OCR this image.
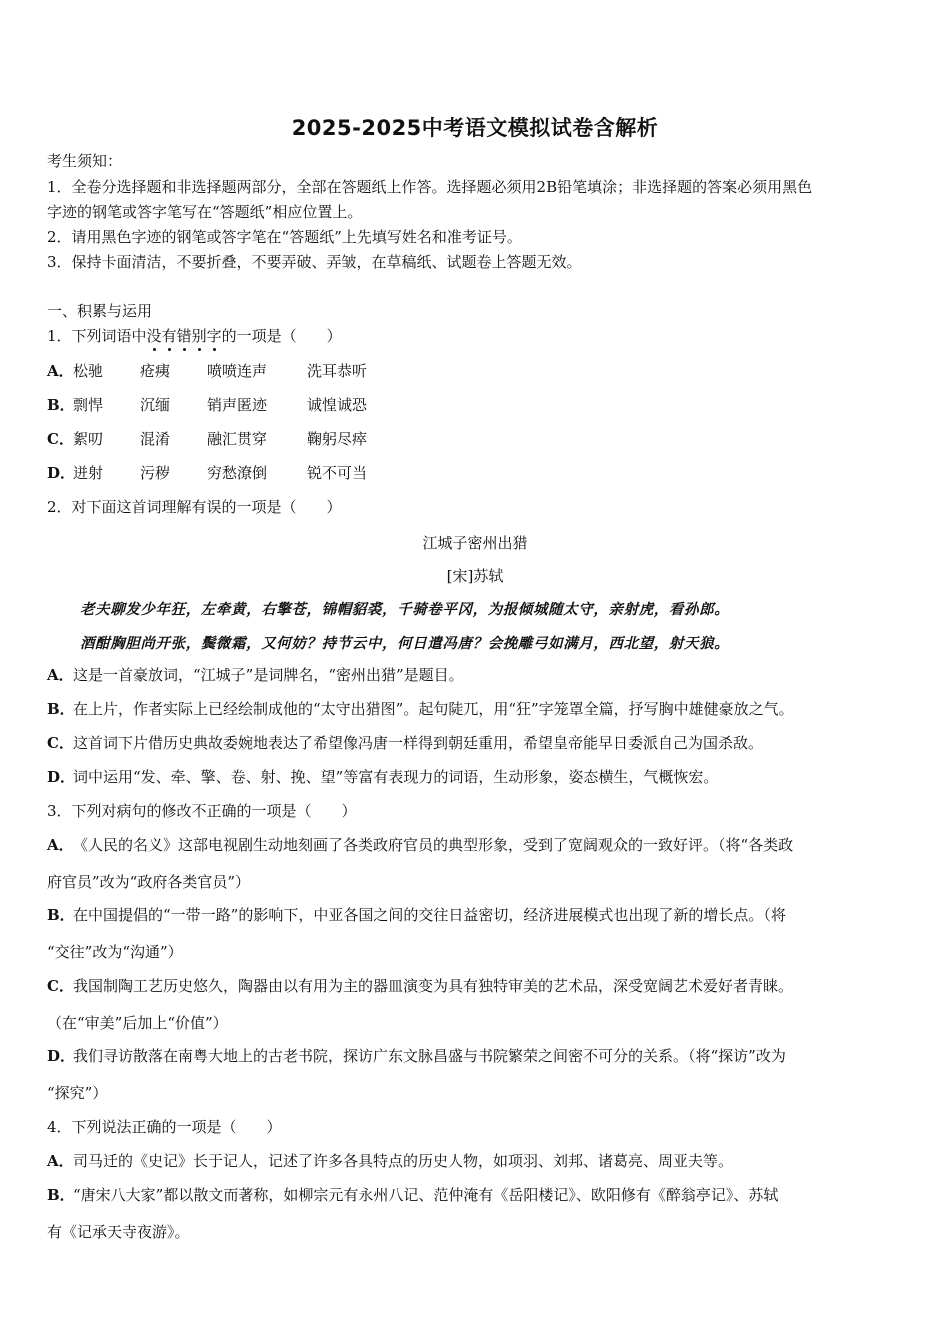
2025-2025中考语文模拟试卷含解析
考生须知：
1．全卷分选择题和非选择题两部分，全部在答题纸上作答。选择题必须用2B铅笔填涂；非选择题的答案必须用黑色
字迹的钢笔或答字笔写在“答题纸”相应位置上。
2．请用黑色字迹的钢笔或答字笔在“答题纸”上先填写姓名和准考证号。
3．保持卡面清洁，不要折叠，不要弄破、弄皱，在草稿纸、试题卷上答题无效。
一、积累与运用
1．下列词语中没有错别字的一项是（　　）
A．松驰 疮痍 喷喷连声	洗耳恭听
B．剽悍 沉缅 销声匿迹	诚惶诚恐
C．絮叨 混淆 融汇贯穿	鞠躬尽瘁
D．迸射 污秽 穷愁潦倒	锐不可当
2．对下面这首词理解有误的一项是（　　）
江城子密州出猎
[宋]苏轼
老夫聊发少年狂，左牵黄，右擎苍，锦帽貂裘，千骑卷平冈，为报倾城随太守，亲射虎，看孙郎。
酒酣胸胆尚开张，鬓微霜，又何妨？持节云中，何日遣冯唐？会挽雕弓如满月，西北望，射天狼。
A．这是一首豪放词，“江城子”是词牌名，“密州出猎”是题目。
B．在上片，作者实际上已经绘制成他的“太守出猎图”。起句陡兀，用“狂”字笼罩全篇，抒写胸中雄健豪放之气。
C．这首词下片借历史典故委婉地表达了希望像冯唐一样得到朝廷重用，希望皇帝能早日委派自己为国杀敌。
D．词中运用“发、牵、擎、卷、射、挽、望”等富有表现力的词语，生动形象，姿态横生，气概恢宏。
3．下列对病句的修改不正确的一项是（　　）
A．《人民的名义》这部电视剧生动地刻画了各类政府官员的典型形象，受到了宽阔观众的一致好评。（将“各类政
府官员”改为“政府各类官员”）
B．在中国提倡的“一带一路”的影响下，中亚各国之间的交往日益密切，经济进展模式也出现了新的增长点。（将
“交往”改为“沟通”）
C．我国制陶工艺历史悠久，陶器由以有用为主的器皿演变为具有独特审美的艺术品，深受宽阔艺术爱好者青睐。
（在“审美”后加上“价值”）
D．我们寻访散落在南粤大地上的古老书院，探访广东文脉昌盛与书院繁荣之间密不可分的关系。（将“探访”改为
“探究”）
4．下列说法正确的一项是（　　）
A．司马迁的《史记》长于记人，记述了许多各具特点的历史人物，如项羽、刘邦、诸葛亮、周亚夫等。
B．“唐宋八大家”都以散文而著称，如柳宗元有永州八记、范仲淹有《岳阳楼记》、欧阳修有《醉翁亭记》、苏轼
有《记承天寺夜游》。
